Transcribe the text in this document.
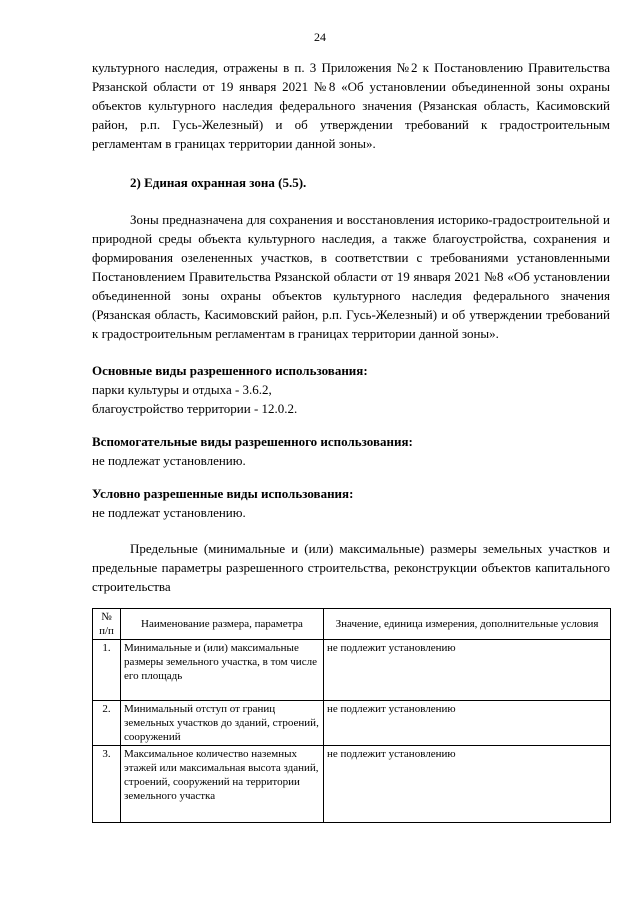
24

культурного наследия, отражены в п. 3 Приложения №2 к Постановлению Правительства Рязанской области от 19 января 2021 №8 «Об установлении объединенной зоны охраны объектов культурного наследия федерального значения (Рязанская область, Касимовский район, р.п. Гусь-Железный) и об утверждении требований к градостроительным регламентам в границах территории данной зоны».

2) Единая охранная зона (5.5).

Зоны предназначена для сохранения и восстановления историко-градостроительной и природной среды объекта культурного наследия, а также благоустройства, сохранения и формирования озелененных участков, в соответствии с требованиями установленными Постановлением Правительства Рязанской области от 19 января 2021 №8 «Об установлении объединенной зоны охраны объектов культурного наследия федерального значения (Рязанская область, Касимовский район, р.п. Гусь-Железный) и об утверждении требований к градостроительным регламентам в границах территории данной зоны».

Основные виды разрешенного использования:

парки культуры и отдыха - 3.6.2,

благоустройство территории - 12.0.2.

Вспомогательные виды разрешенного использования:

не подлежат установлению.

Условно разрешенные виды использования:

не подлежат установлению.

Предельные (минимальные и (или) максимальные) размеры земельных участков и предельные параметры разрешенного строительства, реконструкции объектов капитального строительства

№ п/п	Наименование размера, параметра	Значение, единица измерения, дополнительные условия
1.	Минимальные и (или) максимальные размеры земельного участка, в том числе его площадь	не подлежит установлению
2.	Минимальный отступ от границ земельных участков до зданий, строений, сооружений	не подлежит установлению
3.	Максимальное количество наземных этажей или максимальная высота зданий, строений, сооружений на территории земельного участка	не подлежит установлению
